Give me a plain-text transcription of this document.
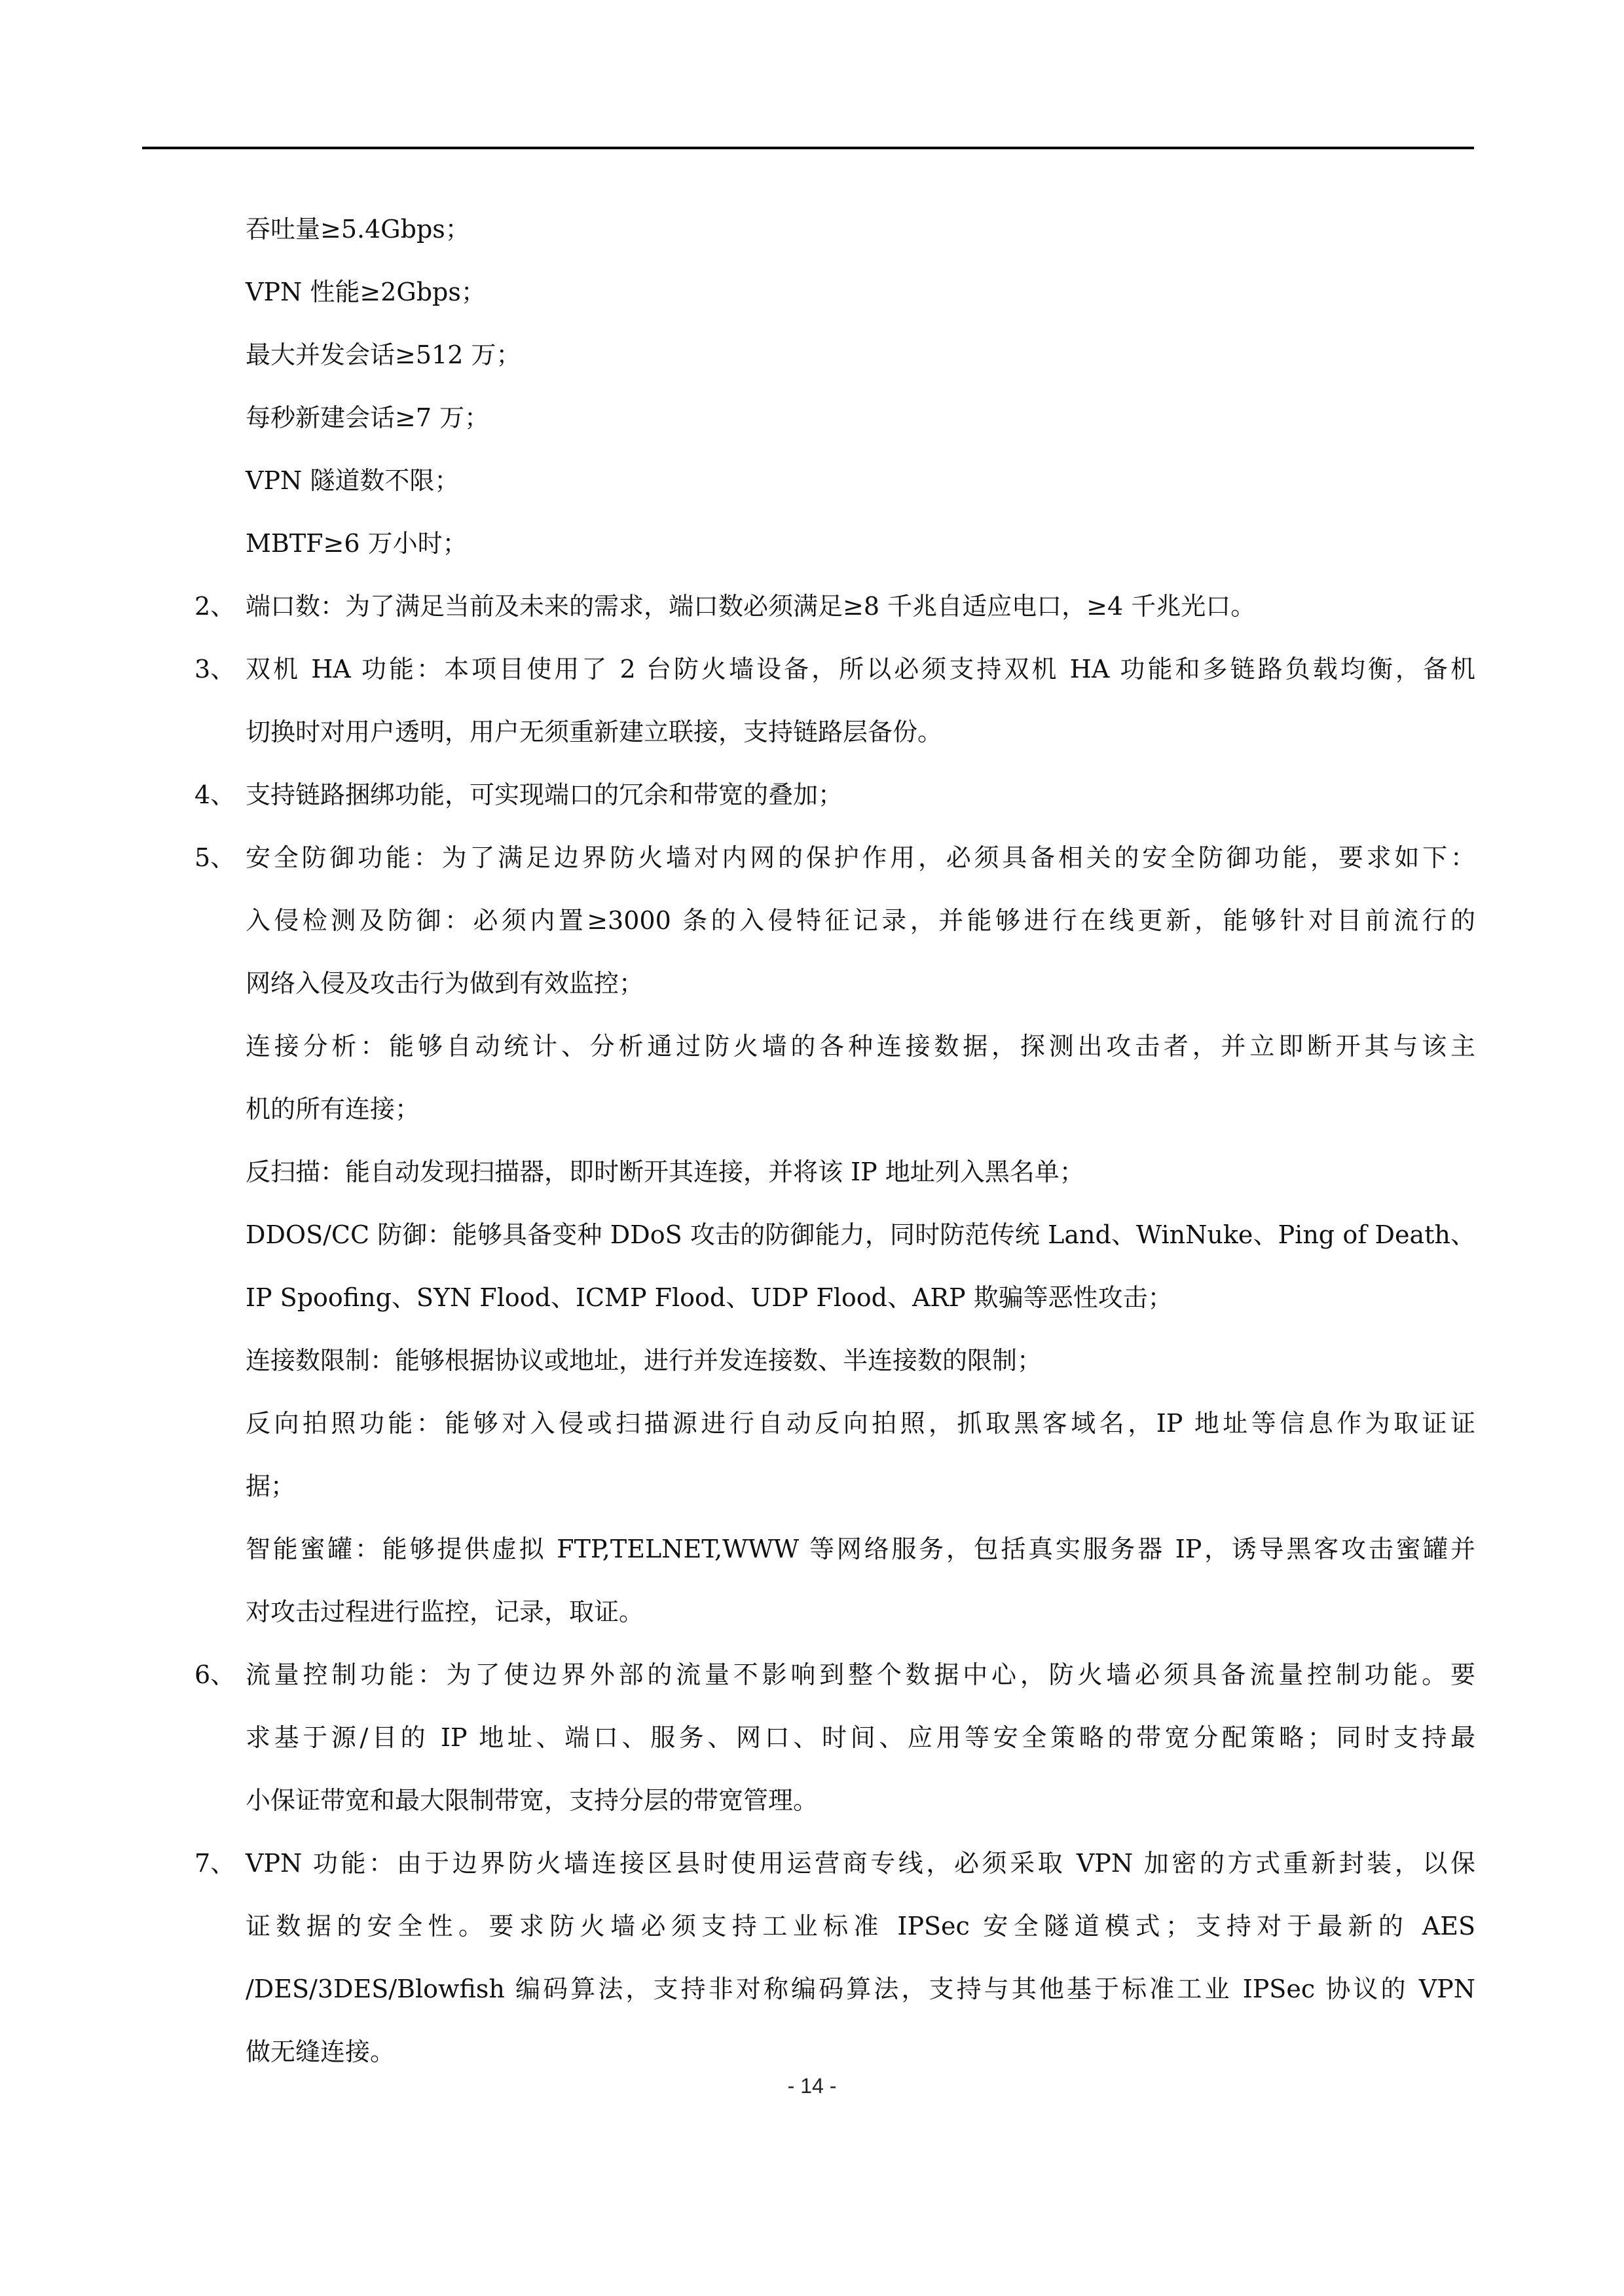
吞吐量≥5.4Gbps；
VPN 性能≥2Gbps；
最大并发会话≥512 万；
每秒新建会话≥7 万；
VPN 隧道数不限；
MBTF≥6 万小时；
2、 端口数：为了满足当前及未来的需求，端口数必须满足≥8 千兆自适应电口，≥4 千兆光口。
3、 双机 HA 功能：本项目使用了 2 台防火墙设备，所以必须支持双机 HA 功能和多链路负载均衡，备机
切换时对用户透明，用户无须重新建立联接，支持链路层备份。
4、 支持链路捆绑功能，可实现端口的冗余和带宽的叠加；
5、 安全防御功能：为了满足边界防火墙对内网的保护作用，必须具备相关的安全防御功能，要求如下：
入侵检测及防御：必须内置≥3000 条的入侵特征记录，并能够进行在线更新，能够针对目前流行的
网络入侵及攻击行为做到有效监控；
连接分析：能够自动统计、分析通过防火墙的各种连接数据，探测出攻击者，并立即断开其与该主
机的所有连接；
反扫描：能自动发现扫描器，即时断开其连接，并将该 IP 地址列入黑名单；
DDOS/CC 防御：能够具备变种 DDoS 攻击的防御能力，同时防范传统 Land、WinNuke、Ping of Death、
IP Spoofing、SYN Flood、ICMP Flood、UDP Flood、ARP 欺骗等恶性攻击；
连接数限制：能够根据协议或地址，进行并发连接数、半连接数的限制；
反向拍照功能：能够对入侵或扫描源进行自动反向拍照，抓取黑客域名，IP 地址等信息作为取证证
据；
智能蜜罐：能够提供虚拟 FTP,TELNET,WWW 等网络服务，包括真实服务器 IP，诱导黑客攻击蜜罐并
对攻击过程进行监控，记录，取证。
6、 流量控制功能：为了使边界外部的流量不影响到整个数据中心，防火墙必须具备流量控制功能。要
求基于源/目的 IP 地址、端口、服务、网口、时间、应用等安全策略的带宽分配策略；同时支持最
小保证带宽和最大限制带宽，支持分层的带宽管理。
7、 VPN 功能：由于边界防火墙连接区县时使用运营商专线，必须采取 VPN 加密的方式重新封装，以保
证数据的安全性。要求防火墙必须支持工业标准 IPSec 安全隧道模式；支持对于最新的 AES
/DES/3DES/Blowfish 编码算法，支持非对称编码算法，支持与其他基于标准工业 IPSec 协议的 VPN
做无缝连接。
- 14 -
